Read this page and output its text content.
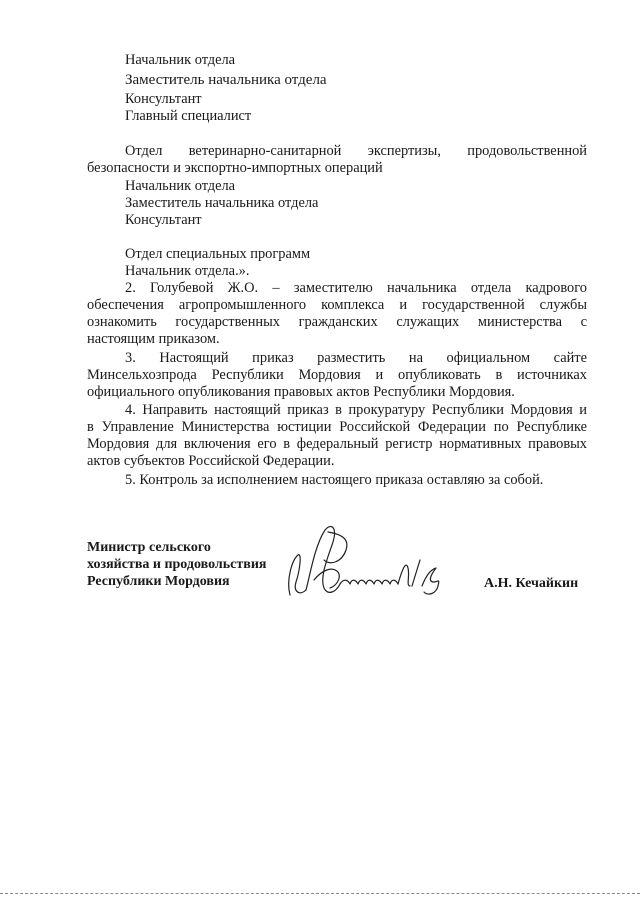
Начальник отдела
Заместитель начальника отдела
Консультант
Главный специалист
Отдел ветеринарно-санитарной экспертизы, продовольственной
безопасности и экспортно-импортных операций
Начальник отдела
Заместитель начальника отдела
Консультант
Отдел специальных программ
Начальник отдела.».
2. Голубевой Ж.О. – заместителю начальника отдела кадрового
обеспечения агропромышленного комплекса и государственной службы
ознакомить государственных гражданских служащих министерства с
настоящим приказом.
3. Настоящий приказ разместить на официальном сайте
Минсельхозпрода Республики Мордовия и опубликовать в источниках
официального опубликования правовых актов Республики Мордовия.
4. Направить настоящий приказ в прокуратуру Республики Мордовия и
в Управление Министерства юстиции Российской Федерации по Республике
Мордовия для включения его в федеральный регистр нормативных правовых
актов субъектов Российской Федерации.
5. Контроль за исполнением настоящего приказа оставляю за собой.
Министр сельского
хозяйства и продовольствия
Республики Мордовия	А.Н. Кечайкин
